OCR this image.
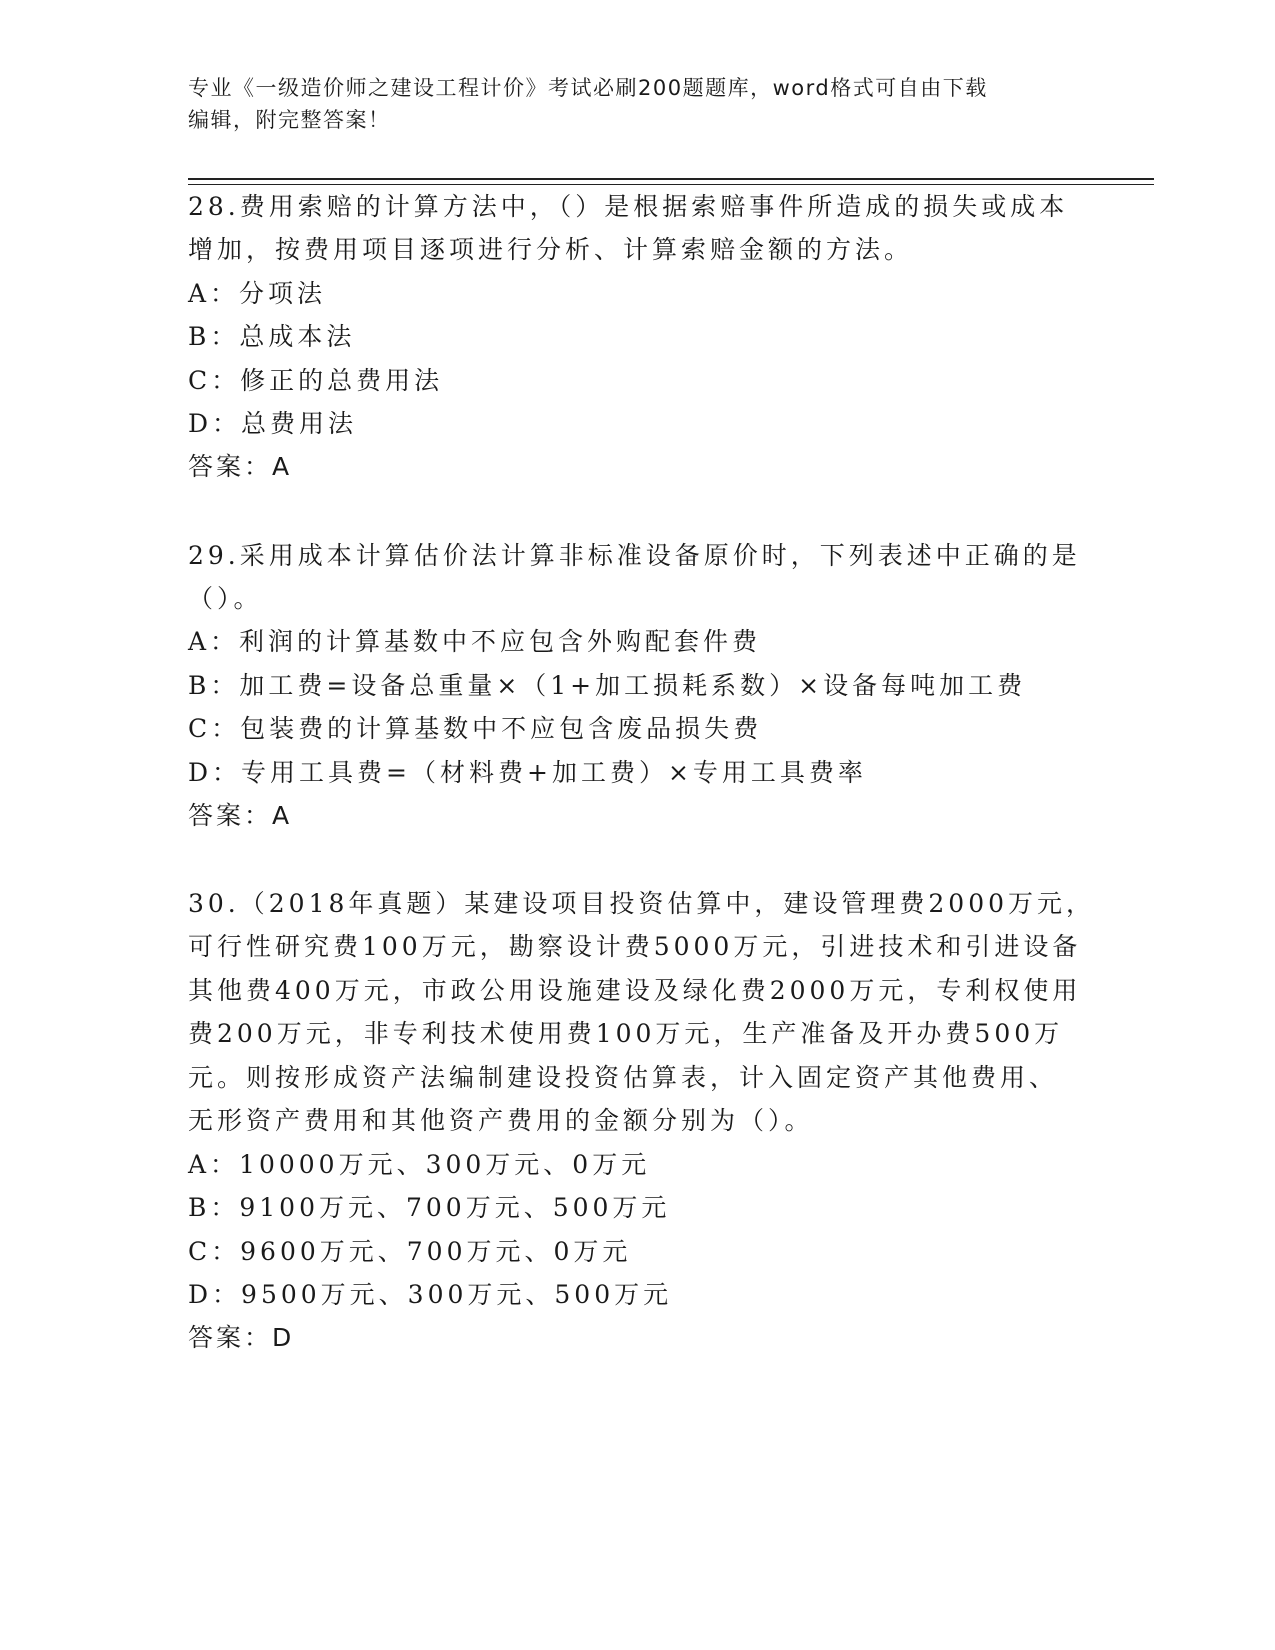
专业《一级造价师之建设工程计价》考试必刷200题题库，word格式可自由下载
编辑，附完整答案！
28.费用索赔的计算方法中，（）是根据索赔事件所造成的损失或成本
增加，按费用项目逐项进行分析、计算索赔金额的方法。
A：分项法
B：总成本法
C：修正的总费用法
D：总费用法
答案：A
29.采用成本计算估价法计算非标准设备原价时，下列表述中正确的是
（）。
A：利润的计算基数中不应包含外购配套件费
B：加工费=设备总重量×（1+加工损耗系数）×设备每吨加工费
C：包装费的计算基数中不应包含废品损失费
D：专用工具费=（材料费+加工费）×专用工具费率
答案：A
30.（2018年真题）某建设项目投资估算中，建设管理费2000万元，
可行性研究费100万元，勘察设计费5000万元，引进技术和引进设备
其他费400万元，市政公用设施建设及绿化费2000万元，专利权使用
费200万元，非专利技术使用费100万元，生产准备及开办费500万
元。则按形成资产法编制建设投资估算表，计入固定资产其他费用、
无形资产费用和其他资产费用的金额分别为（）。
A：10000万元、300万元、0万元
B：9100万元、700万元、500万元
C：9600万元、700万元、0万元
D：9500万元、300万元、500万元
答案：D
